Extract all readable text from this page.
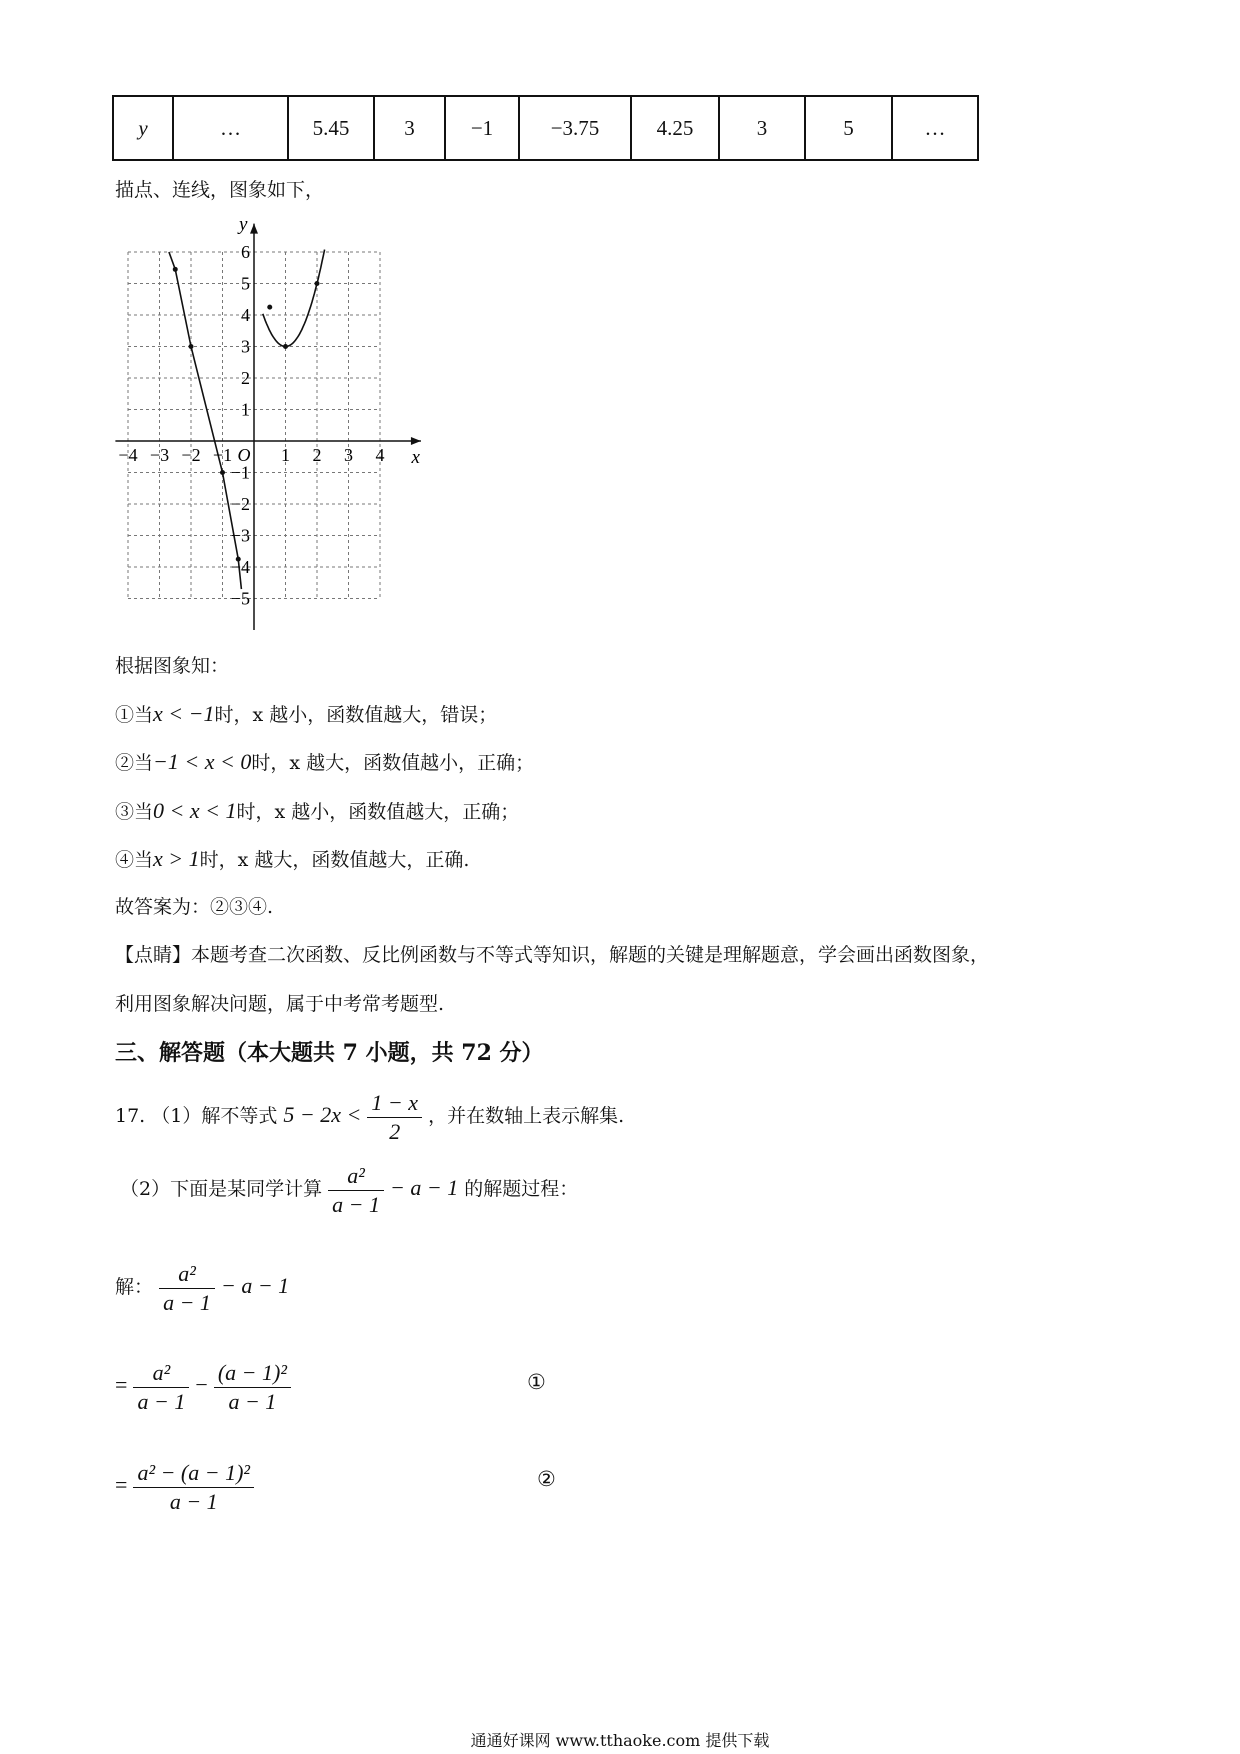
y	…	5.45	3	−1	−3.75	4.25	3	5	…
描点、连线，图象如下，
−4 −3 −2 −1	1 2 3 4
6
5
4
3
2
1
−1
−2
−3
−4
−5
O	x
y
根据图象知：
①当x < −1时，x 越小，函数值越大，错误；
②当−1 < x < 0时，x 越大，函数值越小，正确；
③当0 < x < 1时，x 越小，函数值越大，正确；
④当x > 1时，x 越大，函数值越大，正确.
故答案为：②③④.
【点睛】本题考查二次函数、反比例函数与不等式等知识，解题的关键是理解题意，学会画出函数图象，
利用图象解决问题，属于中考常考题型.
三、解答题（本大题共 7 小题，共 72 分）
17. （1）解不等式 $5 - 2x < \frac{1 - x}{2}$ ，并在数轴上表示解集.
（2）下面是某同学计算 $\frac{\text{a²}}{a - 1} - a - 1$ 的解题过程：
解： $\frac{\text{a²}}{a - 1} - a - 1$
= $\frac{\text{a²}}{a - 1} - \frac{\text{(a − 1)²}}{a - 1}$	①
= $\frac{\text{a² − (a − 1)²}}{a - 1}$	②
通通好课网 www.tthaoke.com 提供下载
